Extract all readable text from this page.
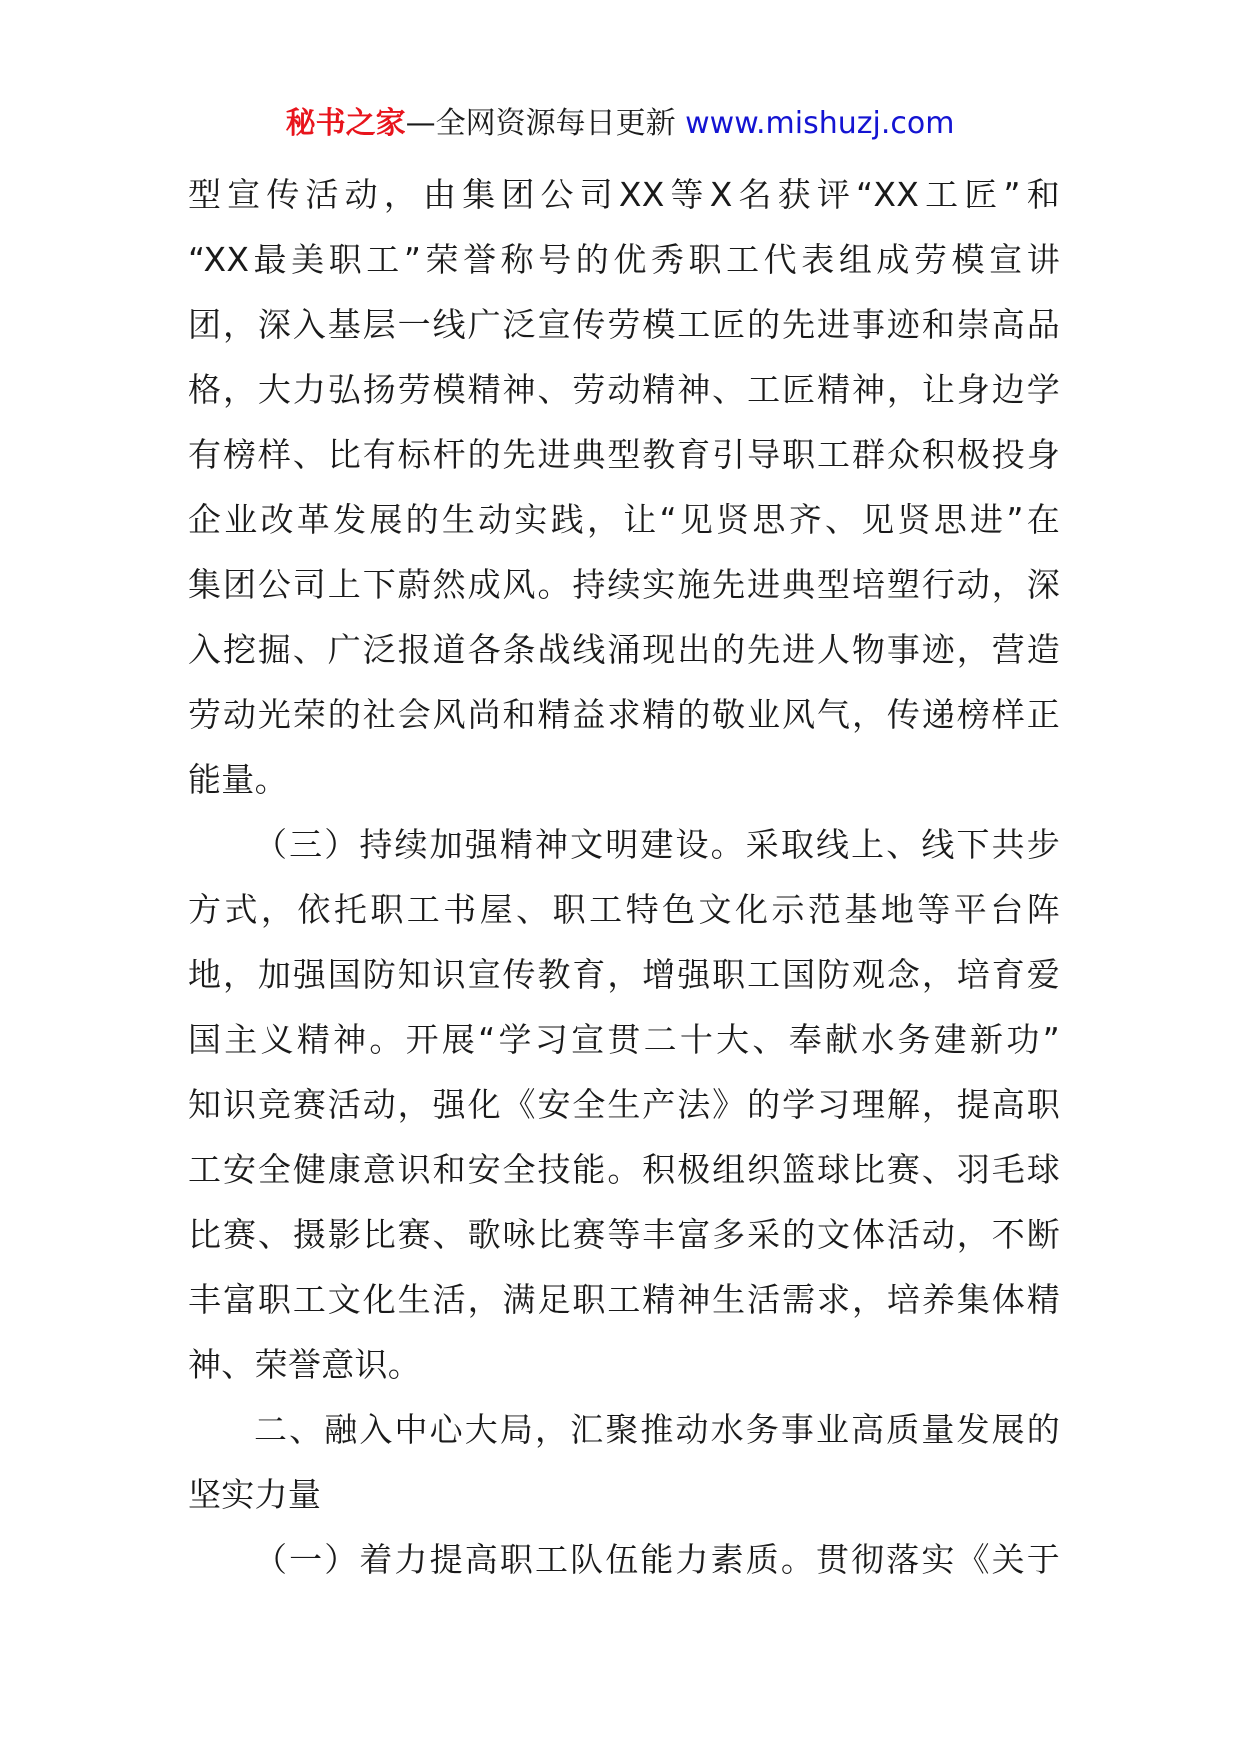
秘书之家—全网资源每日更新 www.mishuzj.com
型宣传活动，由集团公司XX等X名获评“XX工匠”和
“XX最美职工”荣誉称号的优秀职工代表组成劳模宣讲
团，深入基层一线广泛宣传劳模工匠的先进事迹和崇高品
格，大力弘扬劳模精神、劳动精神、工匠精神，让身边学
有榜样、比有标杆的先进典型教育引导职工群众积极投身
企业改革发展的生动实践，让“见贤思齐、见贤思进”在
集团公司上下蔚然成风。持续实施先进典型培塑行动，深
入挖掘、广泛报道各条战线涌现出的先进人物事迹，营造
劳动光荣的社会风尚和精益求精的敬业风气，传递榜样正
能量。
（三）持续加强精神文明建设。采取线上、线下共步
方式，依托职工书屋、职工特色文化示范基地等平台阵
地，加强国防知识宣传教育，增强职工国防观念，培育爱
国主义精神。开展“学习宣贯二十大、奉献水务建新功”
知识竞赛活动，强化《安全生产法》的学习理解，提高职
工安全健康意识和安全技能。积极组织篮球比赛、羽毛球
比赛、摄影比赛、歌咏比赛等丰富多采的文体活动，不断
丰富职工文化生活，满足职工精神生活需求，培养集体精
神、荣誉意识。
二、融入中心大局，汇聚推动水务事业高质量发展的
坚实力量
（一）着力提高职工队伍能力素质。贯彻落实《关于
